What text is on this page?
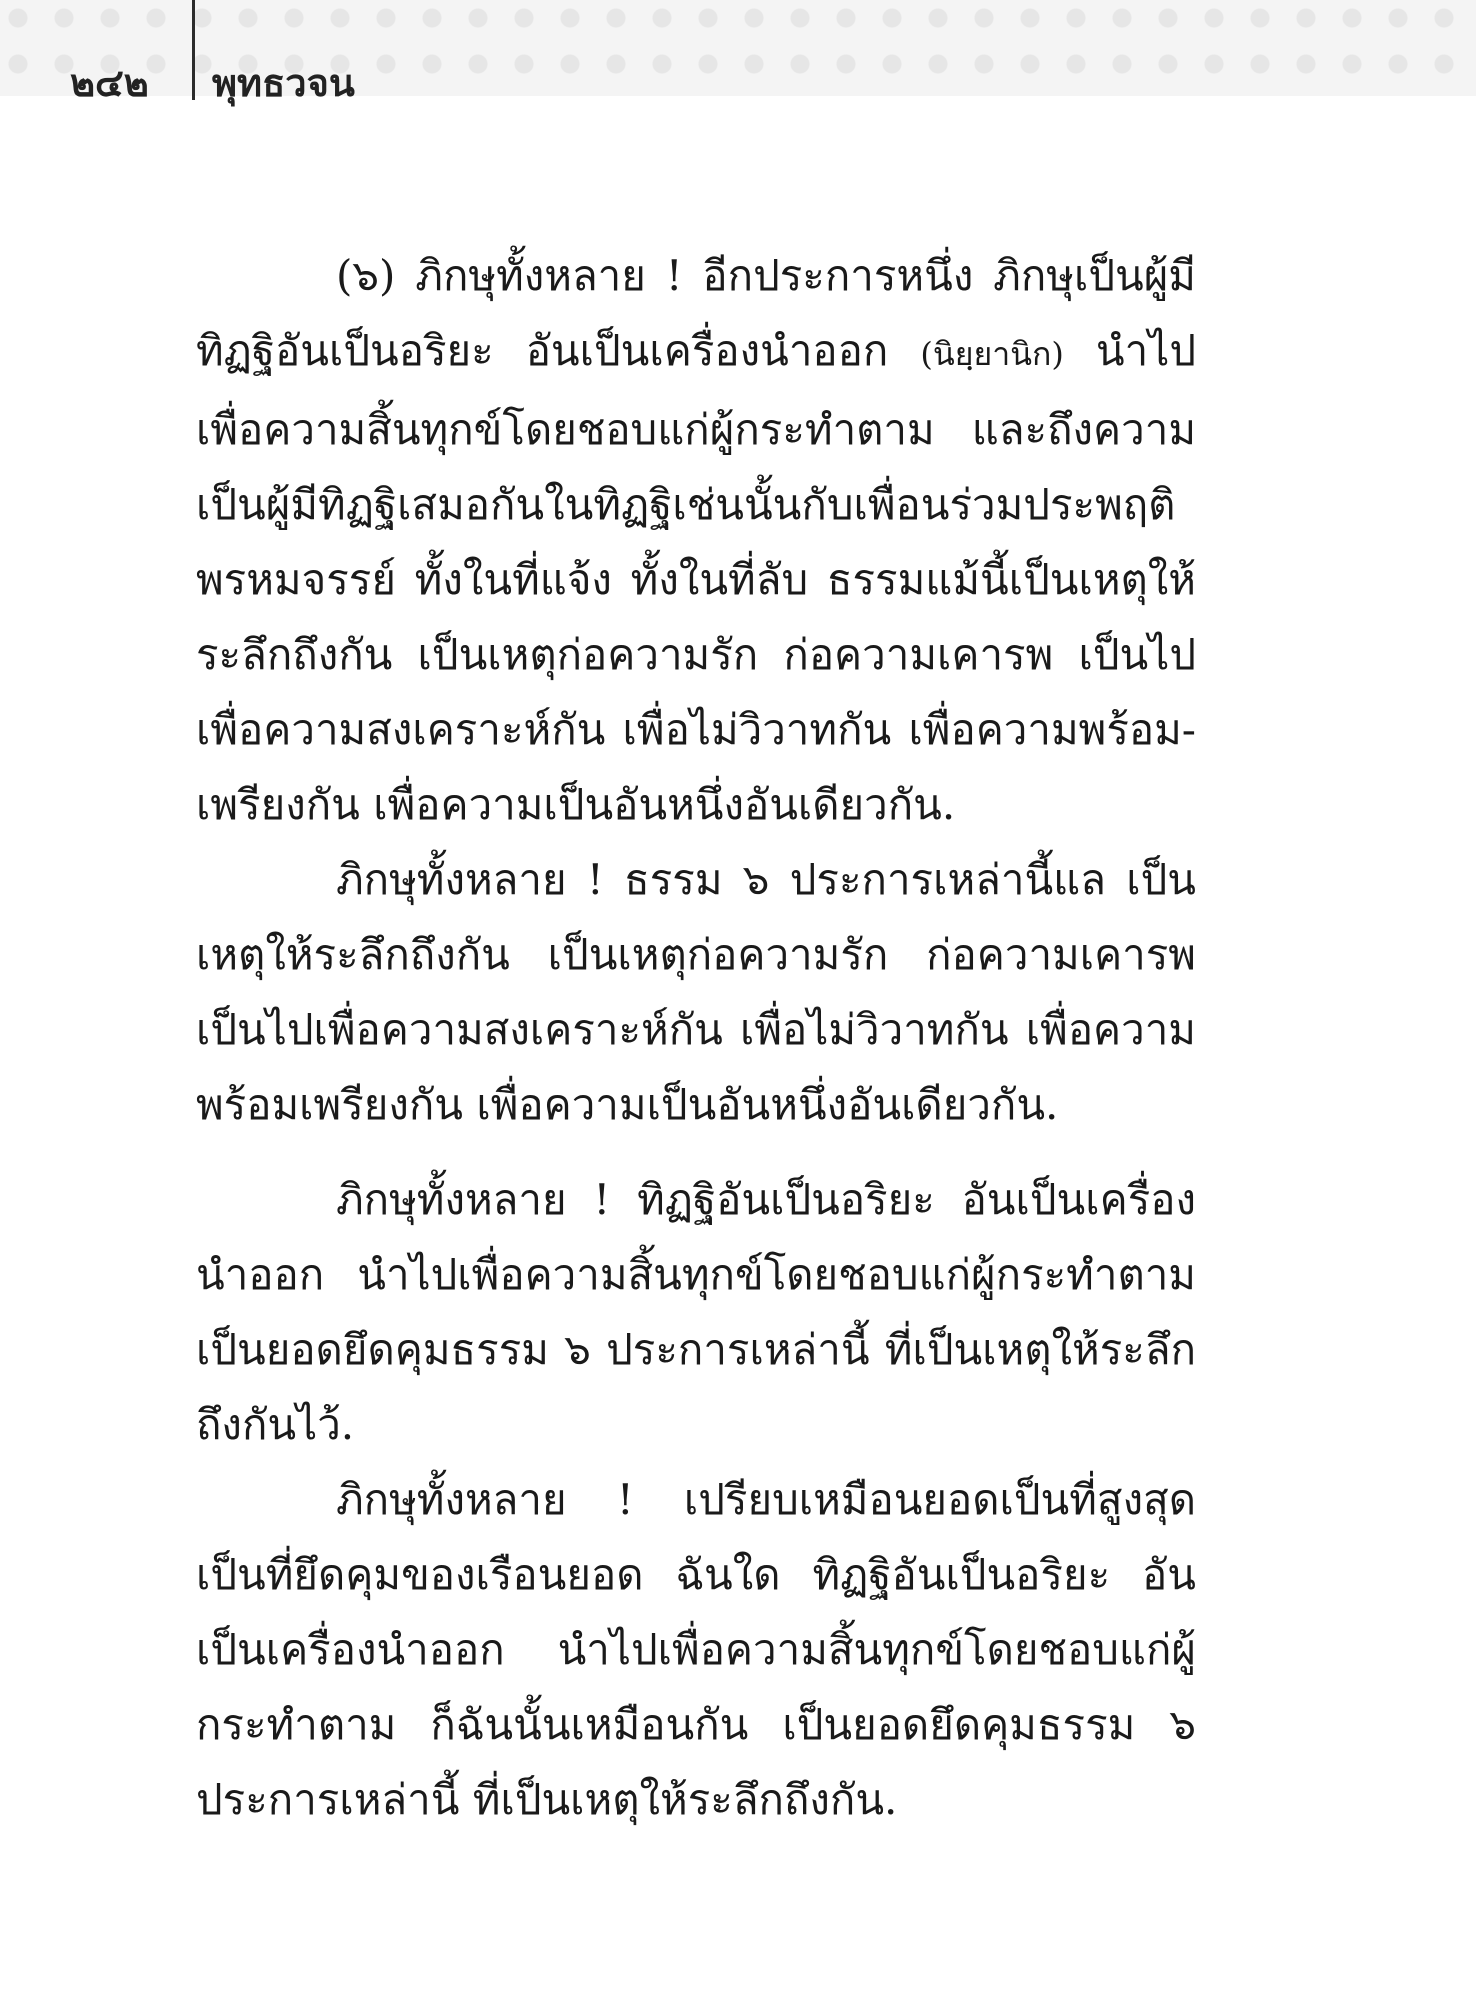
๒๔๒ พุทธวจน

(๖) ภิกษุทั้งหลาย ! อีกประการหนึ่ง ภิกษุเป็นผู้มีทิฏฐิอันเป็นอริยะ อันเป็นเครื่องนำออก (นิยฺยานิก) นำไปเพื่อความสิ้นทุกข์โดยชอบแก่ผู้กระทำตาม และถึงความเป็นผู้มีทิฏฐิเสมอกันในทิฏฐิเช่นนั้นกับเพื่อนร่วมประพฤติพรหมจรรย์ ทั้งในที่แจ้ง ทั้งในที่ลับ ธรรมแม้นี้เป็นเหตุให้ระลึกถึงกัน เป็นเหตุก่อความรัก ก่อความเคารพ เป็นไปเพื่อความสงเคราะห์กัน เพื่อไม่วิวาทกัน เพื่อความพร้อม-เพรียงกัน เพื่อความเป็นอันหนึ่งอันเดียวกัน.

ภิกษุทั้งหลาย ! ธรรม ๖ ประการเหล่านี้แล เป็นเหตุให้ระลึกถึงกัน เป็นเหตุก่อความรัก ก่อความเคารพ เป็นไปเพื่อความสงเคราะห์กัน เพื่อไม่วิวาทกัน เพื่อความพร้อมเพรียงกัน เพื่อความเป็นอันหนึ่งอันเดียวกัน.

ภิกษุทั้งหลาย ! ทิฏฐิอันเป็นอริยะ อันเป็นเครื่องนำออก นำไปเพื่อความสิ้นทุกข์โดยชอบแก่ผู้กระทำตาม เป็นยอดยึดคุมธรรม ๖ ประการเหล่านี้ ที่เป็นเหตุให้ระลึกถึงกันไว้.

ภิกษุทั้งหลาย ! เปรียบเหมือนยอดเป็นที่สูงสุด เป็นที่ยึดคุมของเรือนยอด ฉันใด ทิฏฐิอันเป็นอริยะ อันเป็นเครื่องนำออก นำไปเพื่อความสิ้นทุกข์โดยชอบแก่ผู้กระทำตาม ก็ฉันนั้นเหมือนกัน เป็นยอดยึดคุมธรรม ๖ ประการเหล่านี้ ที่เป็นเหตุให้ระลึกถึงกัน.
